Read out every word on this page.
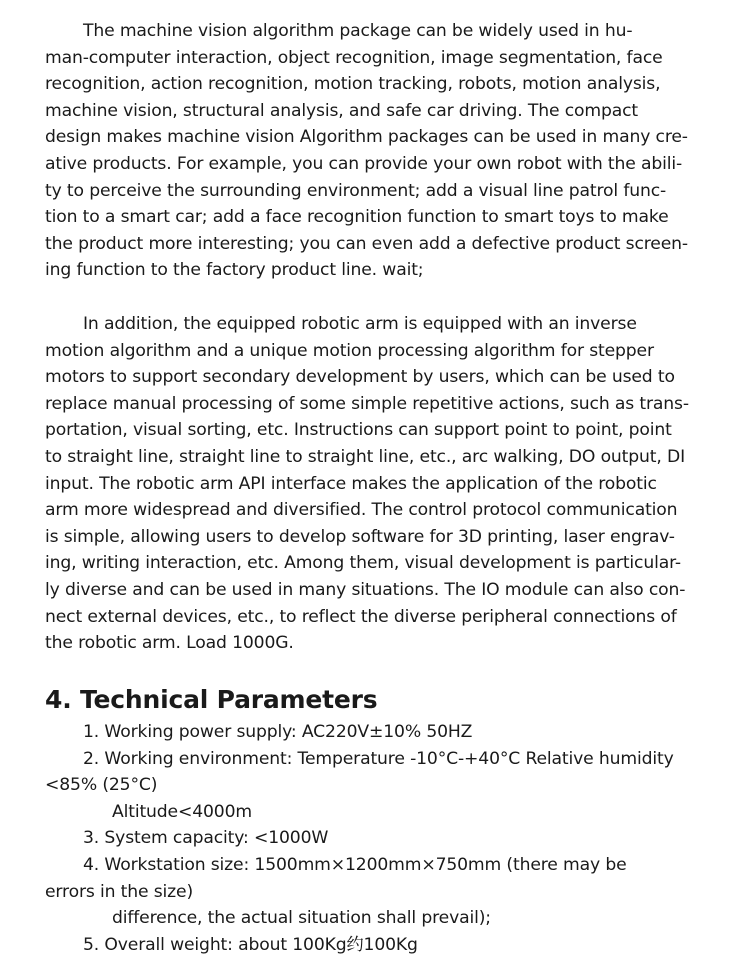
The machine vision algorithm package can be widely used in hu-
man-computer interaction, object recognition, image segmentation, face
recognition, action recognition, motion tracking, robots, motion analysis,
machine vision, structural analysis, and safe car driving. The compact
design makes machine vision Algorithm packages can be used in many cre-
ative products. For example, you can provide your own robot with the abili-
ty to perceive the surrounding environment; add a visual line patrol func-
tion to a smart car; add a face recognition function to smart toys to make
the product more interesting; you can even add a defective product screen-
ing function to the factory product line. wait;

In addition, the equipped robotic arm is equipped with an inverse
motion algorithm and a unique motion processing algorithm for stepper
motors to support secondary development by users, which can be used to
replace manual processing of some simple repetitive actions, such as trans-
portation, visual sorting, etc. Instructions can support point to point, point
to straight line, straight line to straight line, etc., arc walking, DO output, DI
input. The robotic arm API interface makes the application of the robotic
arm more widespread and diversified. The control protocol communication
is simple, allowing users to develop software for 3D printing, laser engrav-
ing, writing interaction, etc. Among them, visual development is particular-
ly diverse and can be used in many situations. The IO module can also con-
nect external devices, etc., to reflect the diverse peripheral connections of
the robotic arm. Load 1000G.

4. Technical Parameters
1. Working power supply: AC220V±10% 50HZ
2. Working environment: Temperature -10°C-+40°C Relative humidity
<85% (25°C)
Altitude<4000m
3. System capacity: <1000W
4. Workstation size: 1500mm×1200mm×750mm (there may be
errors in the size)
difference, the actual situation shall prevail);
5. Overall weight: about 100Kg约100Kg
